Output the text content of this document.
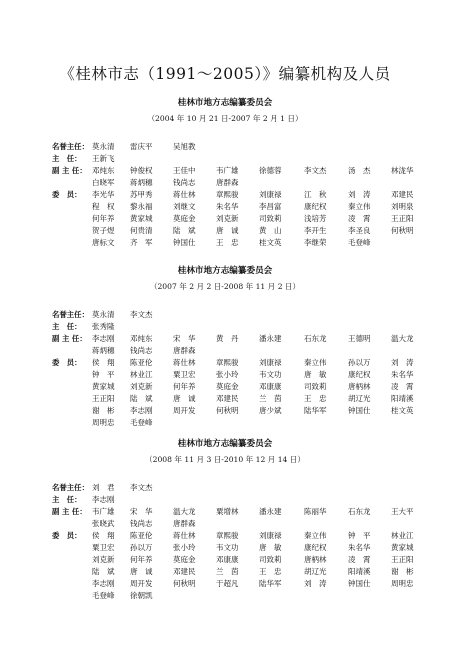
《桂林市志（1991～2005）》编纂机构及人员
桂林市地方志编纂委员会
（2004 年 10 月 21 日-2007 年 2 月 1 日）
名誉主任： 莫永清 雷庆平	吴旭教
主　任：	王新飞
副 主 任： 邓纯东 钟俊权	王佳中	韦广雄	徐德蓉	李文杰	汤　杰	林泷华
白晓军 蒋炳穗	钱尚志	唐群森
委　员：	李光华 苏甲秀	蒋仕林	章熙骏	刘康禄	江　秋	刘　涛	邓建民
程　权 黎永福	刘继文	朱名华	李昌富	康纪权	秦立伟	刘明泉
何年养 黄家城	莫庭金	刘克新	司致莉	浅培芳	凌　霄	王正阳
贺子煜 何贵清	陆　斌	唐　诚	黄　山	李开生	李圣良	何秋明
唐标文 齐　军	钟国仕	王　忠	桂文英	李继荣	毛登峰
桂林市地方志编纂委员会
（2007 年 2 月 2 日-2008 年 11 月 2 日）
名誉主任： 莫永清 李文杰
主　任：	张秀隆
副 主 任： 李志刚 邓纯东	宋　华	黄　丹	潘永建	石东龙	王德明	温大龙
蒋炳穗 钱尚志	唐群森
委　员：	侯　翔 陈亚伦	蒋仕林	章熙骏	刘康禄	秦立伟	孙以万	刘　涛
钟　平 林业江	粟卫宏	张小玲	韦文功	唐　敏	康纪权	朱名华
黄家城 刘克新	何年养	莫庭金	邓康康	司致莉	唐柄林	凌　霄
王正阳 陆　斌	唐　诚	邓建民	兰　茵	王　忠	胡辽光	阳靖溪
谢　彬 李志刚	周开发	何秋明	唐少斌	陆华军	钟国仕	桂文英
周明忠 毛登峰
桂林市地方志编纂委员会
（2008 年 11 月 3 日-2010 年 12 月 14 日）
名誉主任： 刘　君 李文杰
主　任：	李志刚
副 主 任： 韦广雄 宋　华	温大龙	粟增林	潘永建	陈丽华	石东龙	王大平
张晓武 钱尚志	唐群森
委　员：	侯　翔 陈亚伦	蒋仕林	章熙骏	刘康禄	秦立伟	钟　平	林业江
粟卫宏 孙以万	张小玲	韦文功	唐　敏	康纪权	朱名华	黄家城
刘克新 何年养	莫庭金	邓康康	司致莉	唐柄林	凌　霄	王正阳
陆　斌 唐　诚	邓建民	兰　茵	王　忠	胡辽光	阳靖溪	谢　彬
李志刚 周开发	何秋明	于超凡	陆华军	刘　涛	钟国仕	周明忠
毛登峰 徐朝凯
